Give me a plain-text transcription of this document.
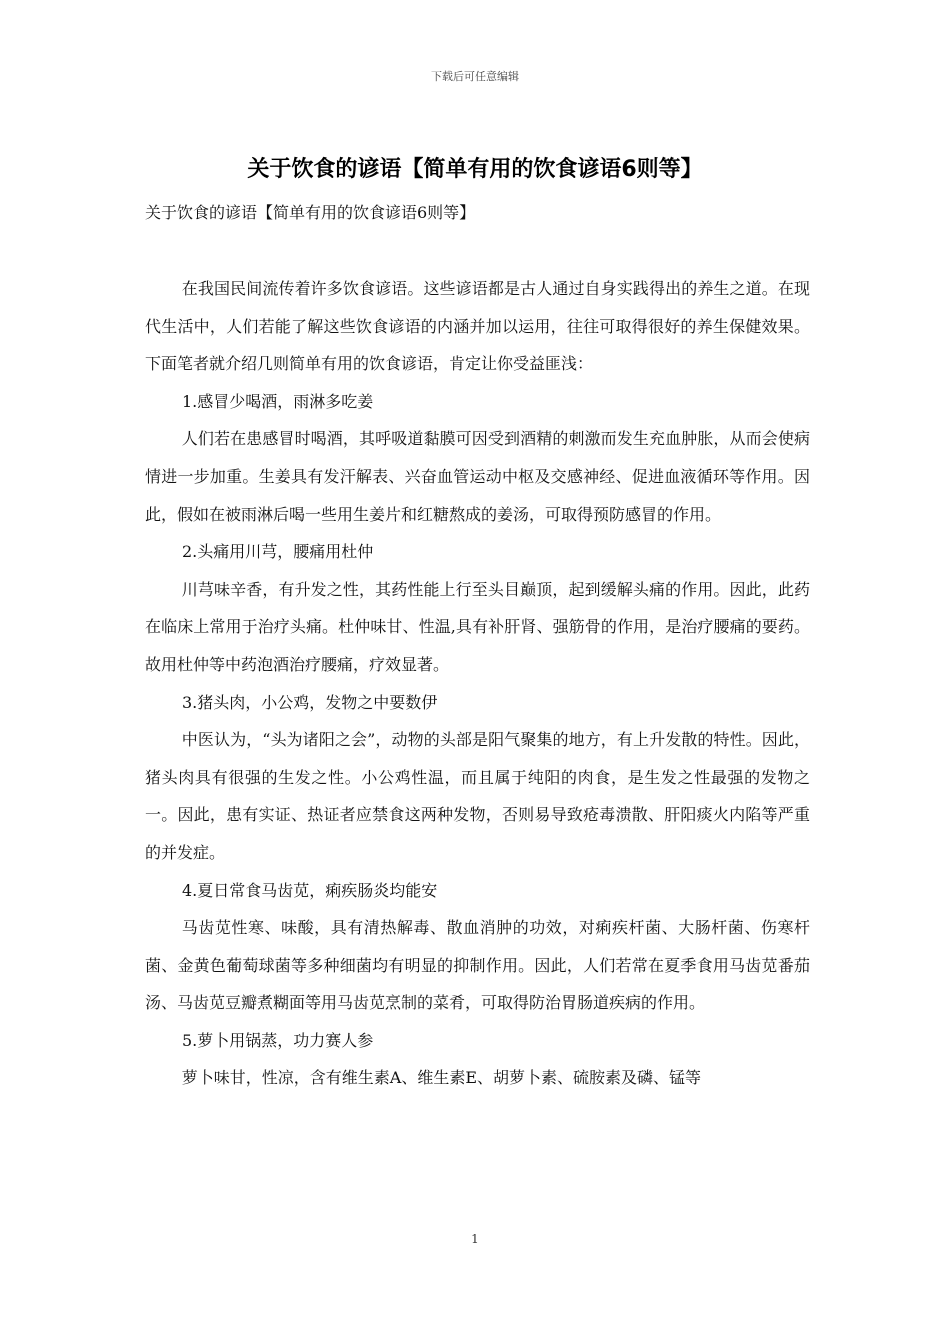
下载后可任意编辑
关于饮食的谚语【简单有用的饮食谚语6则等】
关于饮食的谚语【简单有用的饮食谚语6则等】

在我国民间流传着许多饮食谚语。这些谚语都是古人通过自身实践得出的养生之道。在现代生活中，人们若能了解这些饮食谚语的内涵并加以运用，往往可取得很好的养生保健效果。下面笔者就介绍几则简单有用的饮食谚语，肯定让你受益匪浅：

1.感冒少喝酒，雨淋多吃姜

人们若在患感冒时喝酒，其呼吸道黏膜可因受到酒精的刺激而发生充血肿胀，从而会使病情进一步加重。生姜具有发汗解表、兴奋血管运动中枢及交感神经、促进血液循环等作用。因此，假如在被雨淋后喝一些用生姜片和红糖熬成的姜汤，可取得预防感冒的作用。

2.头痛用川芎，腰痛用杜仲

川芎味辛香，有升发之性，其药性能上行至头目巅顶，起到缓解头痛的作用。因此，此药在临床上常用于治疗头痛。杜仲味甘、性温,具有补肝肾、强筋骨的作用，是治疗腰痛的要药。故用杜仲等中药泡酒治疗腰痛，疗效显著。

3.猪头肉，小公鸡，发物之中要数伊

中医认为，“头为诸阳之会”，动物的头部是阳气聚集的地方，有上升发散的特性。因此，猪头肉具有很强的生发之性。小公鸡性温，而且属于纯阳的肉食，是生发之性最强的发物之一。因此，患有实证、热证者应禁食这两种发物，否则易导致疮毒溃散、肝阳痰火内陷等严重的并发症。

4.夏日常食马齿苋，痢疾肠炎均能安

马齿苋性寒、味酸，具有清热解毒、散血消肿的功效，对痢疾杆菌、大肠杆菌、伤寒杆菌、金黄色葡萄球菌等多种细菌均有明显的抑制作用。因此，人们若常在夏季食用马齿苋番茄汤、马齿苋豆瓣煮糊面等用马齿苋烹制的菜肴，可取得防治胃肠道疾病的作用。

5.萝卜用锅蒸，功力赛人参

萝卜味甘，性凉，含有维生素A、维生素E、胡萝卜素、硫胺素及磷、锰等

1
